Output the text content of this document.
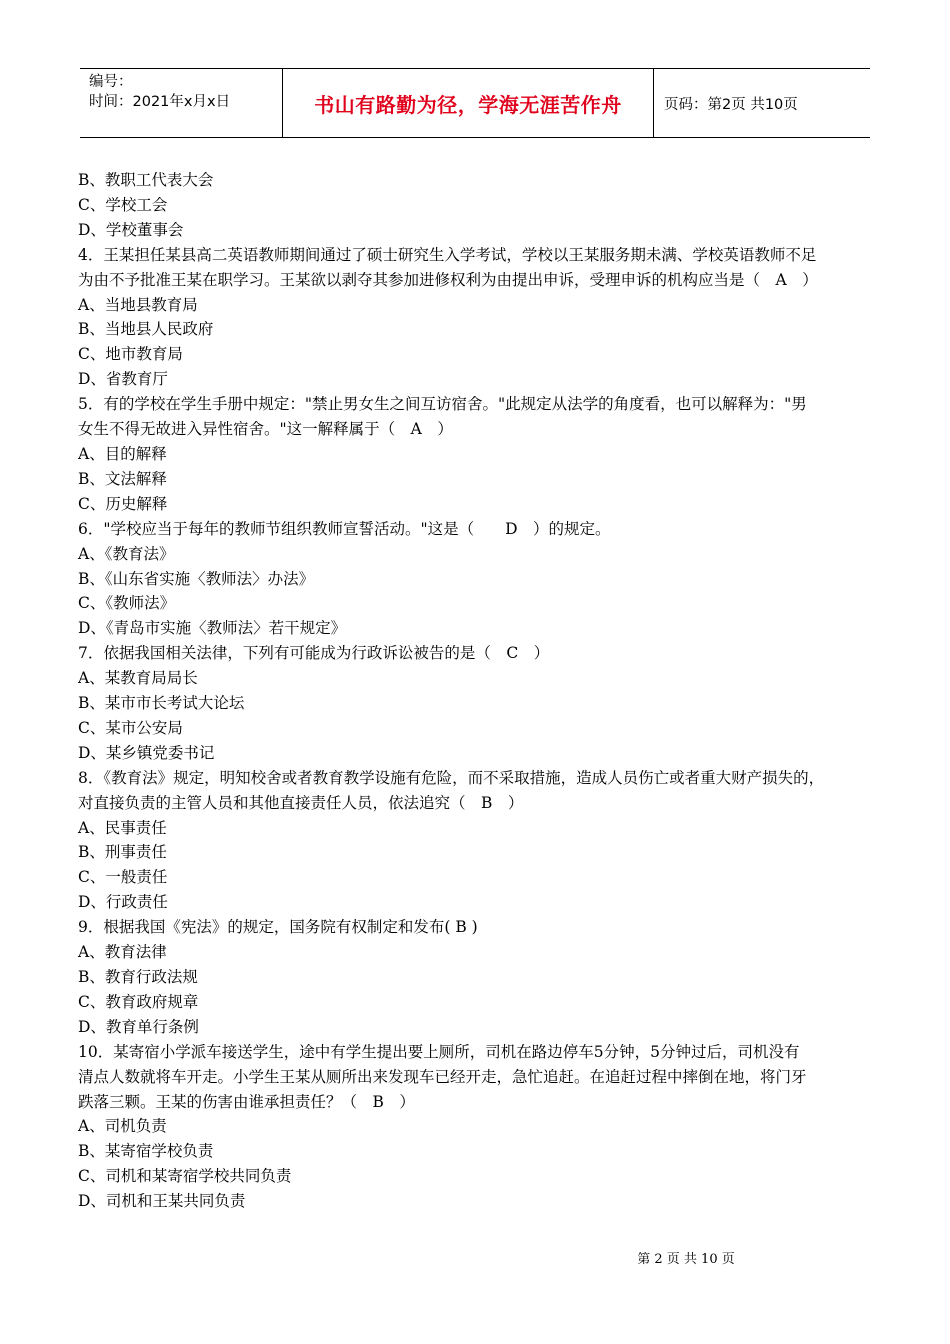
编号：
时间：2021年x月x日	书山有路勤为径，学海无涯苦作舟	页码：第2页 共10页
B、教职工代表大会
C、学校工会
D、学校董事会
4．王某担任某县高二英语教师期间通过了硕士研究生入学考试，学校以王某服务期未满、学校英语教师不足
为由不予批准王某在职学习。王某欲以剥夺其参加进修权利为由提出申诉，受理申诉的机构应当是（　A　）
A、当地县教育局
B、当地县人民政府
C、地市教育局
D、省教育厅
5．有的学校在学生手册中规定："禁止男女生之间互访宿舍。"此规定从法学的角度看，也可以解释为："男
女生不得无故进入异性宿舍。"这一解释属于（　A　）
A、目的解释
B、文法解释
C、历史解释
6．"学校应当于每年的教师节组织教师宣誓活动。"这是（　　D　）的规定。
A、《教育法》
B、《山东省实施〈教师法〉办法》
C、《教师法》
D、《青岛市实施〈教师法〉若干规定》
7．依据我国相关法律，下列有可能成为行政诉讼被告的是（　C　）
A、某教育局局长
B、某市市长考试大论坛
C、某市公安局
D、某乡镇党委书记
8．《教育法》规定，明知校舍或者教育教学设施有危险，而不采取措施，造成人员伤亡或者重大财产损失的，
对直接负责的主管人员和其他直接责任人员，依法追究（　B　）
A、民事责任
B、刑事责任
C、一般责任
D、行政责任
9．根据我国《宪法》的规定，国务院有权制定和发布( B )
A、教育法律
B、教育行政法规
C、教育政府规章
D、教育单行条例
10．某寄宿小学派车接送学生，途中有学生提出要上厕所，司机在路边停车5分钟，5分钟过后，司机没有
清点人数就将车开走。小学生王某从厕所出来发现车已经开走，急忙追赶。在追赶过程中摔倒在地，将门牙
跌落三颗。王某的伤害由谁承担责任？（　B　）
A、司机负责
B、某寄宿学校负责
C、司机和某寄宿学校共同负责
D、司机和王某共同负责
第 2 页 共 10 页
